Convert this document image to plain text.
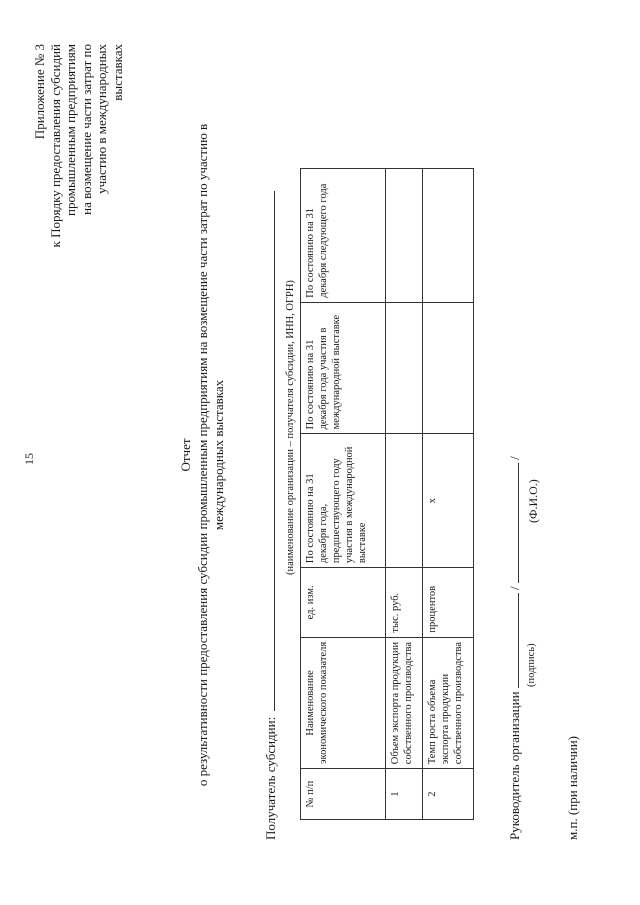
15
Приложение № 3 к Порядку предоставления субсидий промышленным предприятиям на возмещение части затрат по участию в международных выставках
Отчет о результативности предоставления субсидии промышленным предприятиям на возмещение части затрат по участию в международных выставках
Получатель субсидии:
(наименование организации – получателя субсидии, ИНН, ОГРН)
№ п/п	Наименование экономического показателя	ед. изм.	По состоянию на 31 декабря года, предшествующего году участия в международной выставке	По состоянию на 31 декабря года участия в международной выставке	По состоянию на 31 декабря следующего года
1	Объем экспорта продукции собственного производства	тыс. руб.			
2	Темп роста объема экспорта продукции собственного производства	процентов	х		
Руководитель организации  /  /
(подпись)
(Ф.И.О.)
м.п. (при наличии)
